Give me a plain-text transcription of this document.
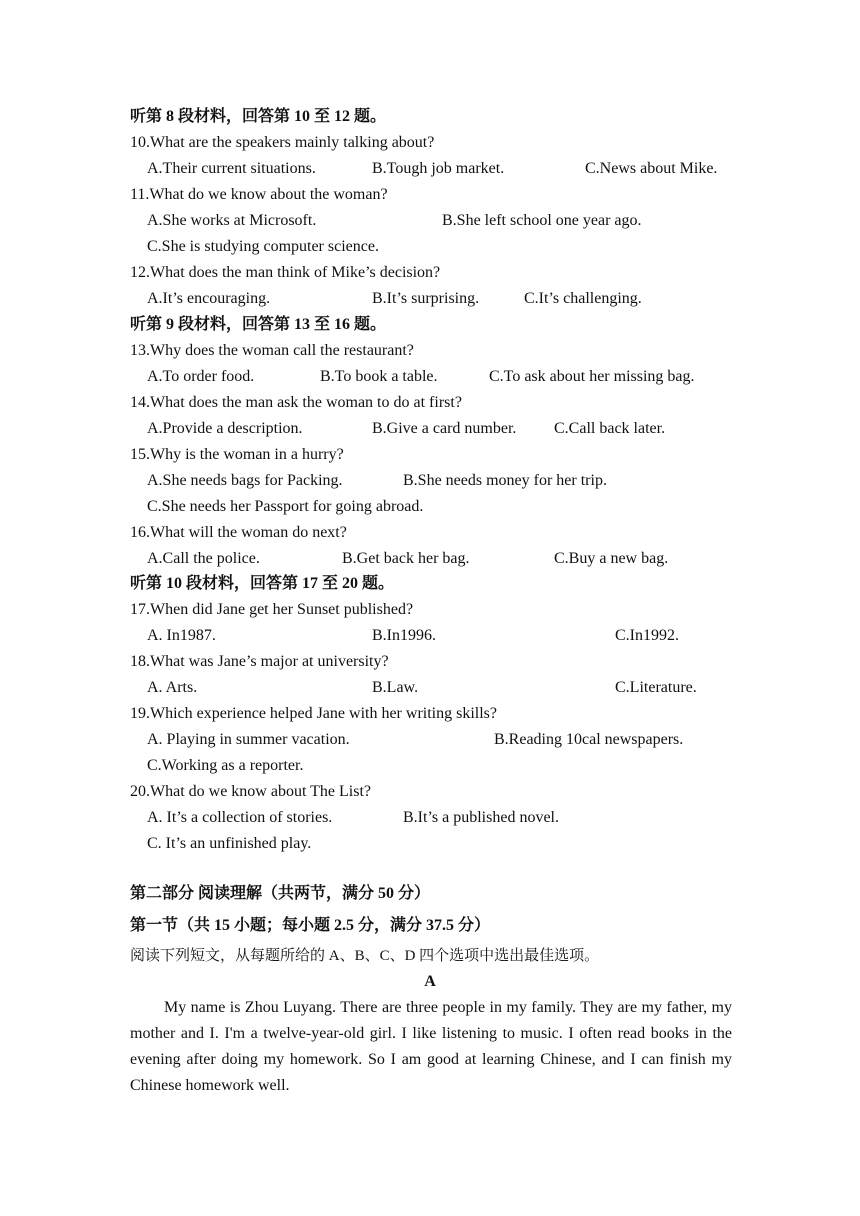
听第 8 段材料，回答第 10 至 12 题。
10.What are the speakers mainly talking about?
A.Their current situations.	B.Tough job market.	C.News about Mike.
11.What do we know about the woman?
A.She works at Microsoft.	B.She left school one year ago.
C.She is studying computer science.
12.What does the man think of Mike’s decision?
A.It’s encouraging.	B.It’s surprising.	C.It’s challenging.
听第 9 段材料，回答第 13 至 16 题。
13.Why does the woman call the restaurant?
A.To order food.	B.To book a table.	C.To ask about her missing bag.
14.What does the man ask the woman to do at first?
A.Provide a description.	B.Give a card number. C.Call back later.
15.Why is the woman in a hurry?
A.She needs bags for Packing.	B.She needs money for her trip.
C.She needs her Passport for going abroad.
16.What will the woman do next?
A.Call the police.	B.Get back her bag.	C.Buy a new bag.
听第 10 段材料，回答第 17 至 20 题。
17.When did Jane get her Sunset published?
A. In1987.	B.In1996.	C.In1992.
18.What was Jane’s major at university?
A. Arts.	B.Law.	C.Literature.
19.Which experience helped Jane with her writing skills?
A. Playing in summer vacation.	B.Reading 10cal newspapers.
C.Working as a reporter.
20.What do we know about The List?
A. It’s a collection of stories.	B.It’s a published novel.
C. It’s an unfinished play.
第二部分 阅读理解（共两节，满分 50 分）
第一节（共 15 小题；每小题 2.5 分，满分 37.5 分）
阅读下列短文，从每题所给的 A、B、C、D 四个选项中选出最佳选项。
A
My name is Zhou Luyang. There are three people in my family. They are my father, my mother and I. I'm a twelve-year-old girl. I like listening to music. I often read books in the evening after doing my homework. So I am good at learning Chinese, and I can finish my Chinese homework well.
